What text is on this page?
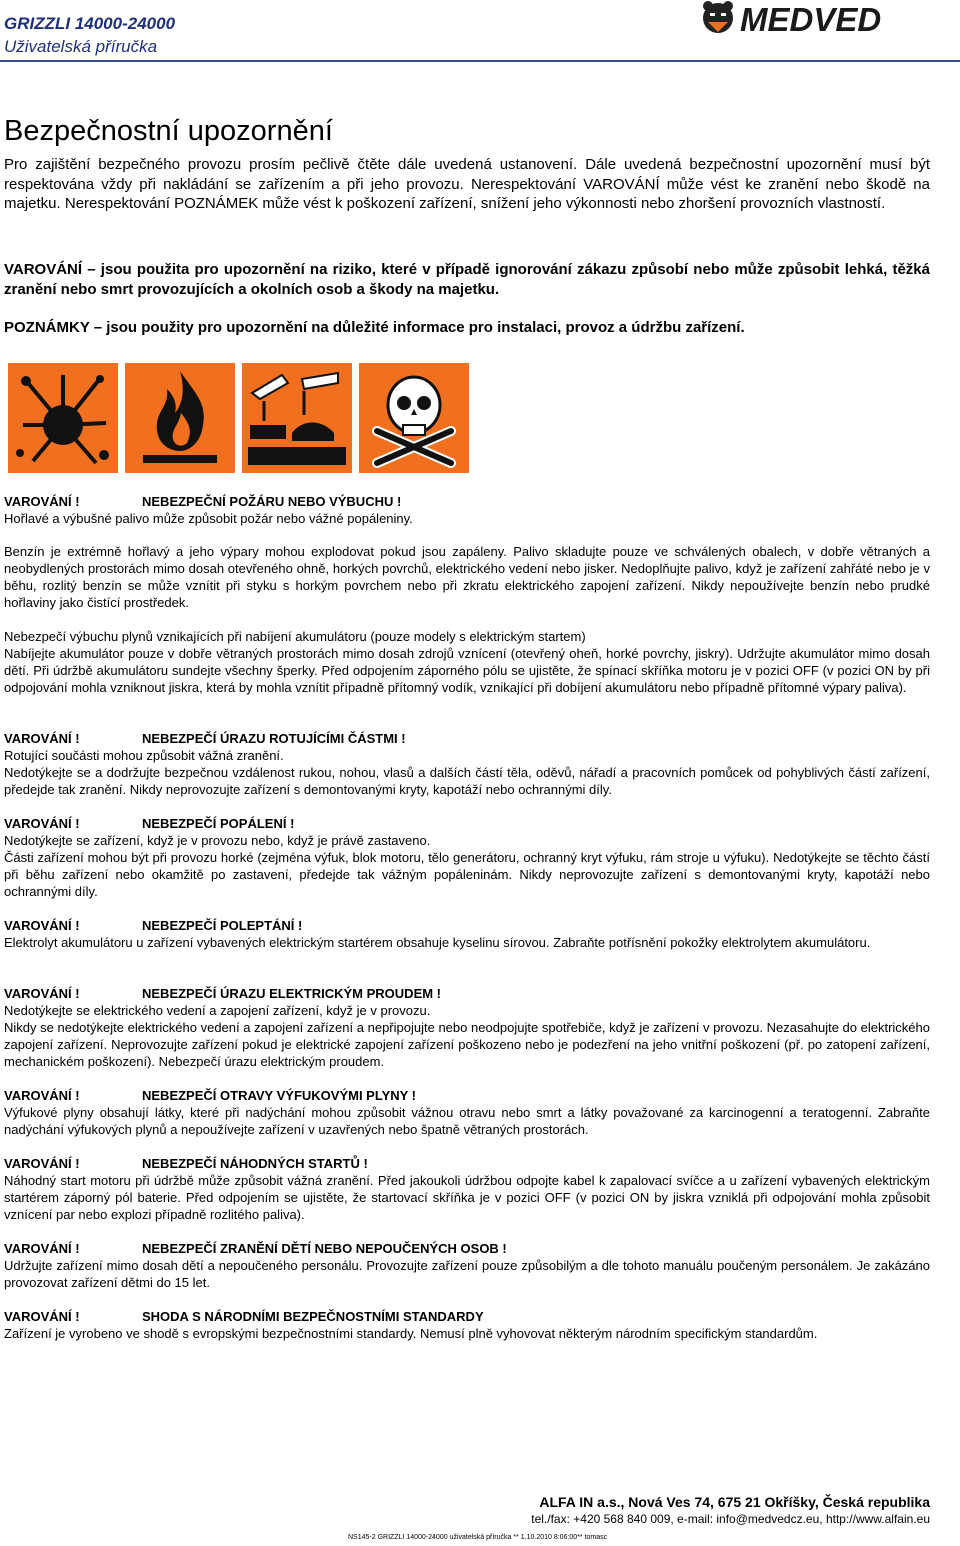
GRIZZLI 14000-24000
Uživatelská příručka
MEDVED
Bezpečnostní upozornění
Pro zajištění bezpečného provozu prosím pečlivě čtěte dále uvedená ustanovení. Dále uvedená bezpečnostní upozornění musí být respektována vždy při nakládání se zařízením a při jeho provozu. Nerespektování VAROVÁNÍ může vést ke zranění nebo škodě na majetku. Nerespektování POZNÁMEK může vést k poškození zařízení, snížení jeho výkonnosti nebo zhoršení provozních vlastností.
VAROVÁNÍ – jsou použita pro upozornění na riziko, které v případě ignorování zákazu způsobí nebo může způsobit lehká, těžká zranění nebo smrt provozujících a okolních osob a škody na majetku.
POZNÁMKY – jsou použity pro upozornění na důležité informace pro instalaci, provoz a údržbu zařízení.
VAROVÁNÍ !	NEBEZPEČNÍ POŽÁRU NEBO VÝBUCHU !
Hořlavé a výbušné palivo může způsobit požár nebo vážné popáleniny.
Benzín je extrémně hořlavý a jeho výpary mohou explodovat pokud jsou zapáleny. Palivo skladujte pouze ve schválených obalech, v dobře větraných a neobydlených prostorách mimo dosah otevřeného ohně, horkých povrchů, elektrického vedení nebo jisker. Nedoplňujte palivo, když je zařízení zahřáté nebo je v běhu, rozlitý benzín se může vznítit při styku s horkým povrchem nebo při zkratu elektrického zapojení zařízení. Nikdy nepoužívejte benzín nebo prudké hořlaviny jako čistící prostředek.
Nebezpečí výbuchu plynů vznikajících při nabíjení akumulátoru (pouze modely s elektrickým startem)
Nabíjejte akumulátor pouze v dobře větraných prostorách mimo dosah zdrojů vznícení (otevřený oheň, horké povrchy, jiskry). Udržujte akumulátor mimo dosah dětí. Při údržbě akumulátoru sundejte všechny šperky. Před odpojením záporného pólu se ujistěte, že spínací skříňka motoru je v pozici OFF (v pozici ON by při odpojování mohla vzniknout jiskra, která by mohla vznítit případně přítomný vodík, vznikající při dobíjení akumulátoru nebo případně přítomné výpary paliva).
VAROVÁNÍ !	NEBEZPEČÍ ÚRAZU ROTUJÍCÍMI ČÁSTMI !
Rotující součásti mohou způsobit vážná zranění.
Nedotýkejte se a dodržujte bezpečnou vzdálenost rukou, nohou, vlasů a dalších částí těla, oděvů, nářadí a pracovních pomůcek od pohyblivých částí zařízení, předejde tak zranění. Nikdy neprovozujte zařízení s demontovanými kryty, kapotáží nebo ochrannými díly.
VAROVÁNÍ !	NEBEZPEČÍ POPÁLENÍ !
Nedotýkejte se zařízení, když je v provozu nebo, když je právě zastaveno.
Části zařízení mohou být při provozu horké (zejména výfuk, blok motoru, tělo generátoru, ochranný kryt výfuku, rám stroje u výfuku). Nedotýkejte se těchto částí při běhu zařízení nebo okamžitě po zastavení, předejde tak vážným popáleninám. Nikdy neprovozujte zařízení s demontovanými kryty, kapotáží nebo ochrannými díly.
VAROVÁNÍ !	NEBEZPEČÍ POLEPTÁNÍ !
Elektrolyt akumulátoru u zařízení vybavených elektrickým startérem obsahuje kyselinu sírovou. Zabraňte potřísnění pokožky elektrolytem akumulátoru.
VAROVÁNÍ !	NEBEZPEČÍ ÚRAZU ELEKTRICKÝM PROUDEM !
Nedotýkejte se elektrického vedení a zapojení zařízení, když je v provozu.
Nikdy se nedotýkejte elektrického vedení a zapojení zařízení a nepřipojujte nebo neodpojujte spotřebiče, když je zařízení v provozu. Nezasahujte do elektrického zapojení zařízení. Neprovozujte zařízení pokud je elektrické zapojení zařízení poškozeno nebo je podezření na jeho vnitřní poškození (př. po zatopení zařízení, mechanickém poškození). Nebezpečí úrazu elektrickým proudem.
VAROVÁNÍ !	NEBEZPEČÍ OTRAVY VÝFUKOVÝMI PLYNY !
Výfukové plyny obsahují látky, které při nadýchání mohou způsobit vážnou otravu nebo smrt a látky považované za karcinogenní a teratogenní. Zabraňte nadýchání výfukových plynů a nepoužívejte zařízení v uzavřených nebo špatně větraných prostorách.
VAROVÁNÍ !	NEBEZPEČÍ NÁHODNÝCH STARTŮ !
Náhodný start motoru při údržbě může způsobit vážná zranění. Před jakoukoli údržbou odpojte kabel k zapalovací svíčce a u zařízení vybavených elektrickým startérem záporný pól baterie. Před odpojením se ujistěte, že startovací skříňka je v pozici OFF (v pozici ON by jiskra vzniklá při odpojování mohla způsobit vznícení par nebo explozi případně rozlitého paliva).
VAROVÁNÍ !	NEBEZPEČÍ ZRANĚNÍ DĚTÍ NEBO NEPOUČENÝCH OSOB !
Udržujte zařízení mimo dosah dětí a nepoučeného personálu. Provozujte zařízení pouze způsobilým a dle tohoto manuálu poučeným personálem. Je zakázáno provozovat zařízení dětmi do 15 let.
VAROVÁNÍ !	SHODA S NÁRODNÍMI BEZPEČNOSTNÍMI STANDARDY
Zařízení je vyrobeno ve shodě s evropskými bezpečnostními standardy. Nemusí plně vyhovovat některým národním specifickým standardům.
ALFA IN a.s., Nová Ves 74, 675 21 Okříšky, Česká republika
tel./fax: +420 568 840 009, e-mail: info@medvedcz.eu, http://www.alfain.eu
NS145-2 GRIZZLI 14000-24000 uživatelská příručka ** 1.10.2010 8:06:00** tomasc
